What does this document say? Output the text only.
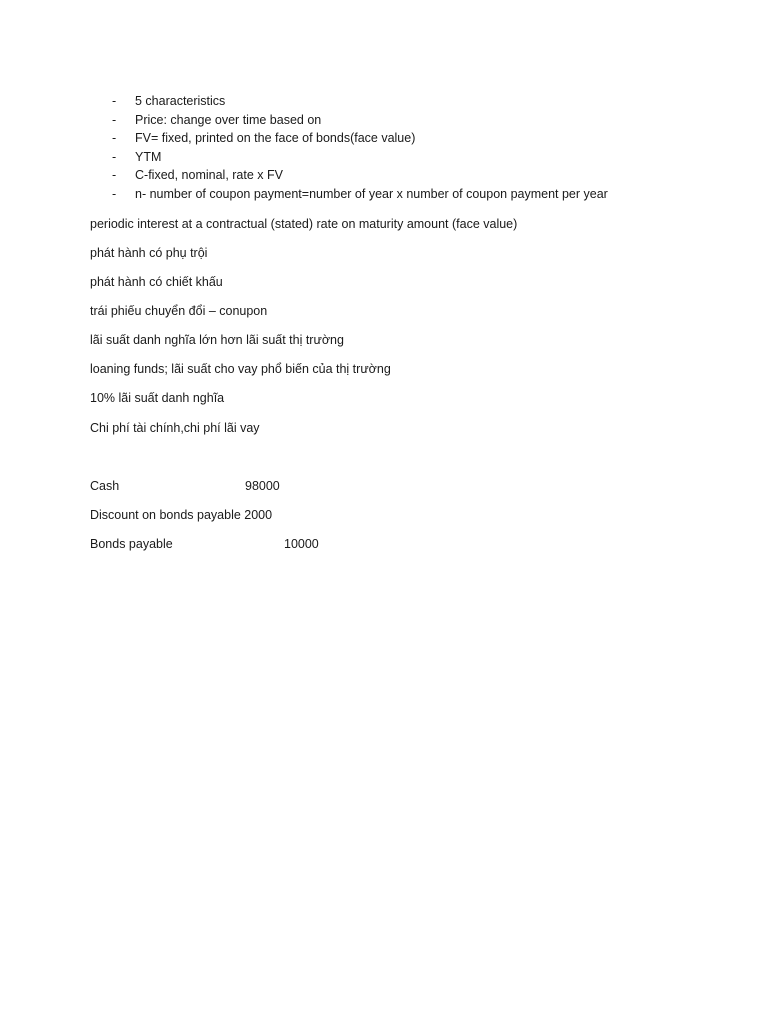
- 5 characteristics
- Price: change over time based on
- FV= fixed, printed on the face of bonds(face value)
- YTM
- C-fixed, nominal, rate x FV
- n- number of coupon payment=number of year x number of coupon payment per year

periodic interest at a contractual (stated) rate on maturity amount (face value)

phát hành có phụ trội

phát hành có chiết khấu

trái phiếu chuyển đổi – conupon

lãi suất danh nghĩa lớn hơn lãi suất thị trường

loaning funds; lãi suất cho vay phổ biến của thị trường

10% lãi suất danh nghĩa

Chi phí tài chính,chi phí lãi vay

Cash	98000
Discount on bonds payable 2000
Bonds payable	10000
